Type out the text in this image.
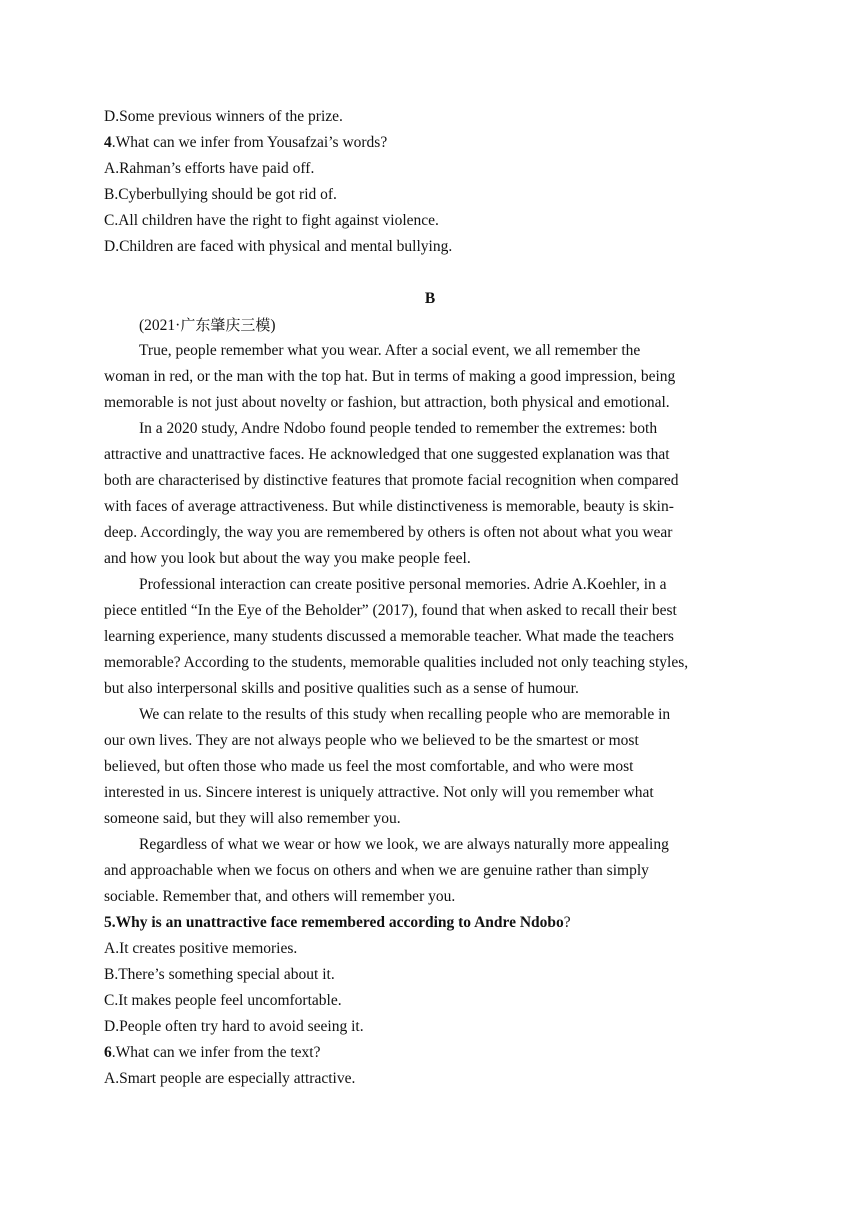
D.Some previous winners of the prize.
4.What can we infer from Yousafzai’s words?
A.Rahman’s efforts have paid off.
B.Cyberbullying should be got rid of.
C.All children have the right to fight against violence.
D.Children are faced with physical and mental bullying.
B
(2021·广东肇庆三模)
True, people remember what you wear. After a social event, we all remember the
woman in red, or the man with the top hat. But in terms of making a good impression, being
memorable is not just about novelty or fashion, but attraction, both physical and emotional.
In a 2020 study, Andre Ndobo found people tended to remember the extremes: both
attractive and unattractive faces. He acknowledged that one suggested explanation was that
both are characterised by distinctive features that promote facial recognition when compared
with faces of average attractiveness. But while distinctiveness is memorable, beauty is skin-
deep. Accordingly, the way you are remembered by others is often not about what you wear
and how you look but about the way you make people feel.
Professional interaction can create positive personal memories. Adrie A.Koehler, in a
piece entitled “In the Eye of the Beholder” (2017), found that when asked to recall their best
learning experience, many students discussed a memorable teacher. What made the teachers
memorable? According to the students, memorable qualities included not only teaching styles,
but also interpersonal skills and positive qualities such as a sense of humour.
We can relate to the results of this study when recalling people who are memorable in
our own lives. They are not always people who we believed to be the smartest or most
believed, but often those who made us feel the most comfortable, and who were most
interested in us. Sincere interest is uniquely attractive. Not only will you remember what
someone said, but they will also remember you.
Regardless of what we wear or how we look, we are always naturally more appealing
and approachable when we focus on others and when we are genuine rather than simply
sociable. Remember that, and others will remember you.
5.Why is an unattractive face remembered according to Andre Ndobo?
A.It creates positive memories.
B.There’s something special about it.
C.It makes people feel uncomfortable.
D.People often try hard to avoid seeing it.
6.What can we infer from the text?
A.Smart people are especially attractive.
